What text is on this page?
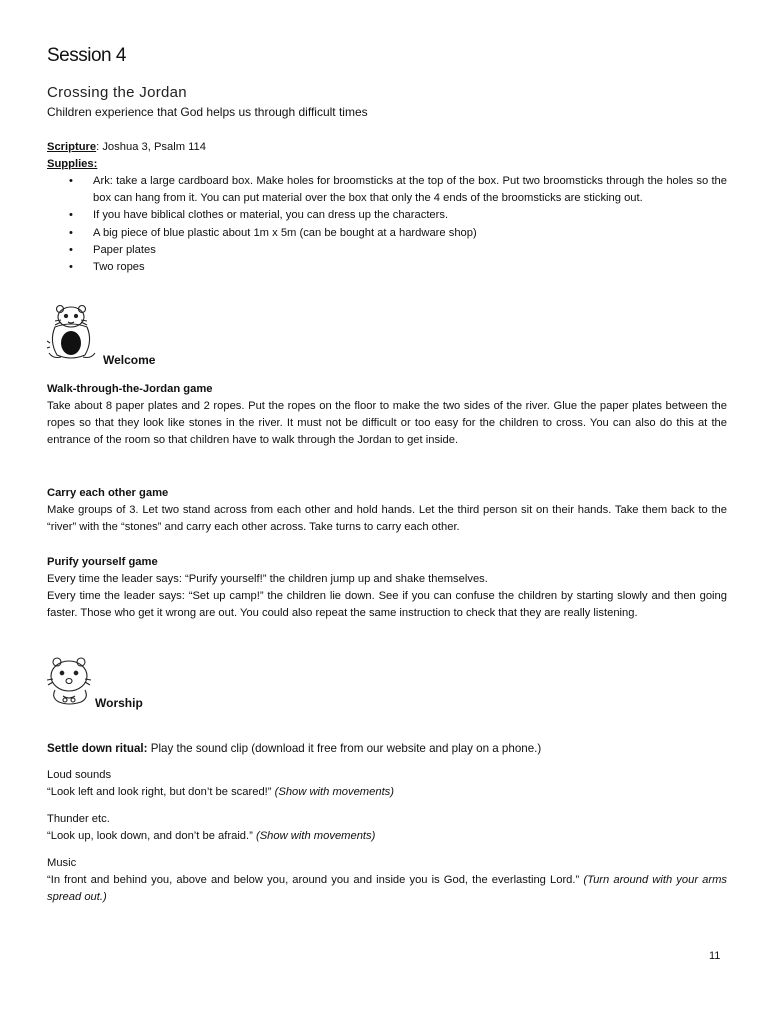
Session 4
Crossing the Jordan
Children experience that God helps us through difficult times
Scripture: Joshua 3, Psalm 114
Supplies:
• Ark: take a large cardboard box. Make holes for broomsticks at the top of the box. Put two broomsticks through the holes so the box can hang from it. You can put material over the box that only the 4 ends of the broomsticks are sticking out.
• If you have biblical clothes or material, you can dress up the characters.
• A big piece of blue plastic about 1m x 5m (can be bought at a hardware shop)
• Paper plates
• Two ropes
Welcome
Walk-through-the-Jordan game
Take about 8 paper plates and 2 ropes. Put the ropes on the floor to make the two sides of the river. Glue the paper plates between the ropes so that they look like stones in the river. It must not be difficult or too easy for the children to cross. You can also do this at the entrance of the room so that children have to walk through the Jordan to get inside.
Carry each other game
Make groups of 3. Let two stand across from each other and hold hands. Let the third person sit on their hands. Take them back to the “river” with the “stones” and carry each other across. Take turns to carry each other.
Purify yourself game
Every time the leader says: “Purify yourself!” the children jump up and shake themselves.
Every time the leader says: “Set up camp!” the children lie down. See if you can confuse the children by starting slowly and then going faster. Those who get it wrong are out. You could also repeat the same instruction to check that they are really listening.
Worship
Settle down ritual: Play the sound clip (download it free from our website and play on a phone.)
Loud sounds
“Look left and look right, but don’t be scared!” (Show with movements)
Thunder etc.
“Look up, look down, and don’t be afraid.” (Show with movements)
Music
“In front and behind you, above and below you, around you and inside you is God, the everlasting Lord.” (Turn around with your arms spread out.)
11
